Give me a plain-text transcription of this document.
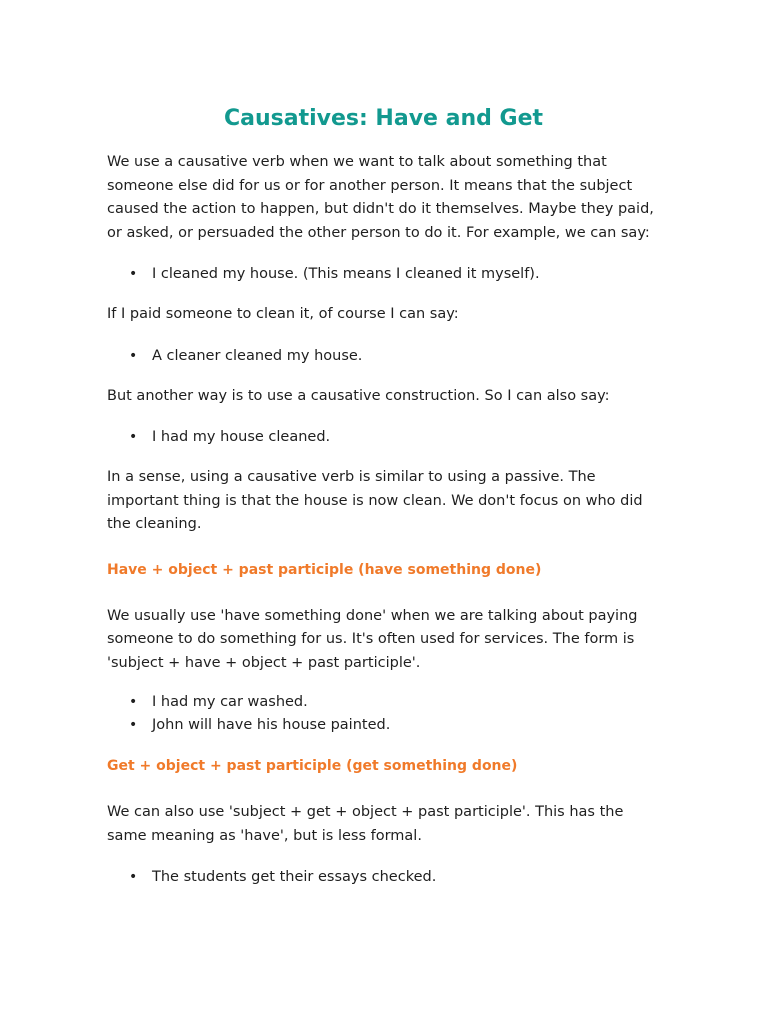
Causatives: Have and Get

We use a causative verb when we want to talk about something that someone else did for us or for another person. It means that the subject caused the action to happen, but didn't do it themselves. Maybe they paid, or asked, or persuaded the other person to do it. For example, we can say:

• I cleaned my house. (This means I cleaned it myself).

If I paid someone to clean it, of course I can say:

• A cleaner cleaned my house.

But another way is to use a causative construction. So I can also say:

• I had my house cleaned.

In a sense, using a causative verb is similar to using a passive. The important thing is that the house is now clean. We don't focus on who did the cleaning.

Have + object + past participle (have something done)

We usually use 'have something done' when we are talking about paying someone to do something for us. It's often used for services. The form is 'subject + have + object + past participle'.

• I had my car washed.
• John will have his house painted.
Get + object + past participle (get something done)

We can also use 'subject + get + object + past participle'. This has the same meaning as 'have', but is less formal.

• The students get their essays checked.
